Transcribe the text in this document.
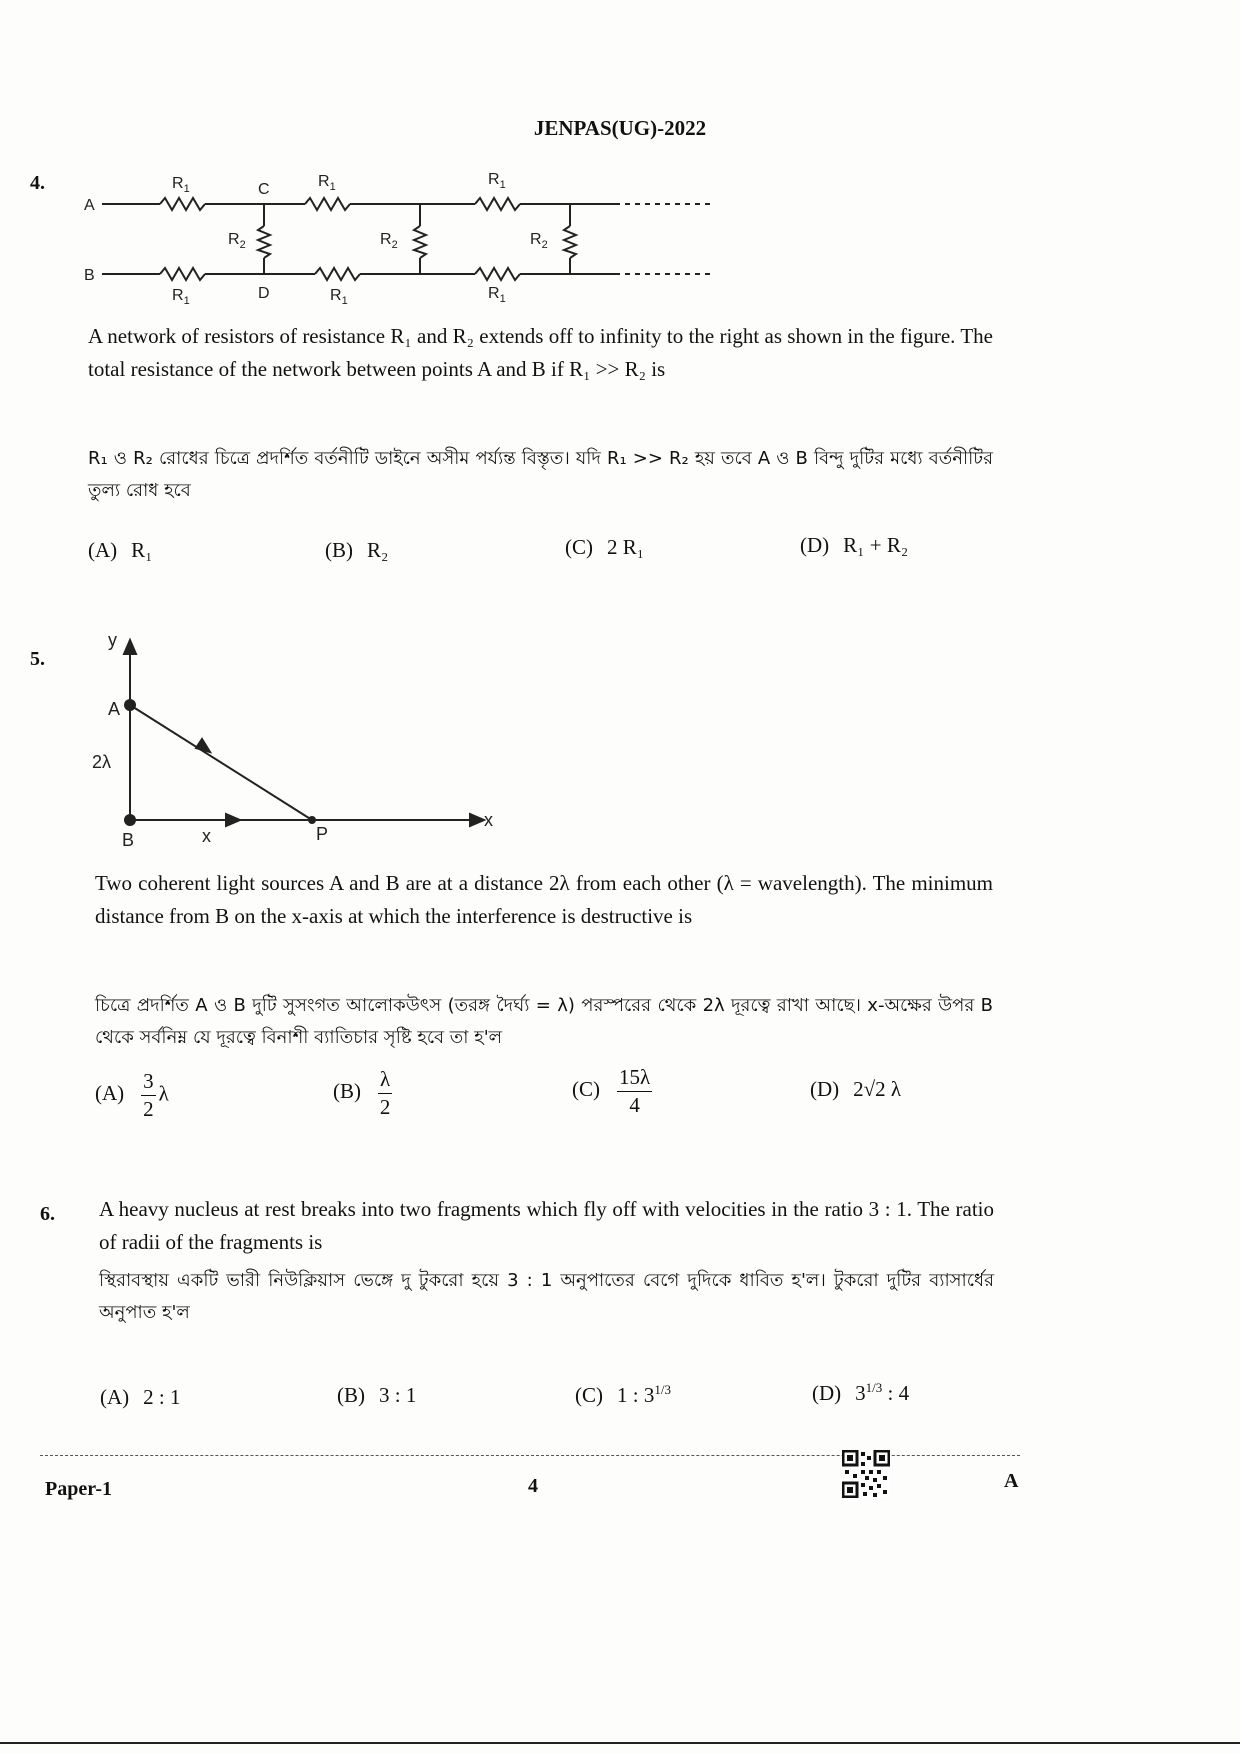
JENPAS(UG)-2022
4.
A
B
C
D
$R_1$	$R_1$	$R_1$
$R_1$	$R_1$	$R_1$
$R_2$	$R_2$	$R_2$
A network of resistors of resistance R₁ and R₂ extends off to infinity to the right as shown in the figure. The total resistance of the network between points A and B if R₁ >> R₂ is
R₁ ও R₂ রোধের চিত্রে প্রদর্শিত বর্তনীটি ডাইনে অসীম পর্য্যন্ত বিস্তৃত। যদি R₁ >> R₂ হয় তবে A ও B বিন্দু দুটির মধ্যে বর্তনীটির তুল্য রোধ হবে
(A) R₁	(B) R₂	(C) 2 R₁	(D) R₁ + R₂
5.
y
x
A
B	P
2λ
x
Two coherent light sources A and B are at a distance 2λ from each other (λ = wavelength). The minimum distance from B on the x-axis at which the interference is destructive is
চিত্রে প্রদর্শিত A ও B দুটি সুসংগত আলোকউৎস (তরঙ্গ দৈর্ঘ্য = λ) পরস্পরের থেকে 2λ দূরত্বে রাখা আছে। x-অক্ষের উপর B থেকে সর্বনিম্ন যে দূরত্বে বিনাশী ব্যাতিচার সৃষ্টি হবে তা হ'ল
$(A) \frac{3}{2}$ λ	$(B) \frac{\lambda}{2}$	$(C) \frac{15\lambda}{4}$	(D) 2√2 λ
6. A heavy nucleus at rest breaks into two fragments which fly off with velocities in the ratio 3 : 1. The ratio of radii of the fragments is
স্থিরাবস্থায় একটি ভারী নিউক্লিয়াস ভেঙ্গে দু টুকরো হয়ে 3 : 1 অনুপাতের বেগে দুদিকে ধাবিত হ'ল। টুকরো দুটির ব্যাসার্ধের অনুপাত হ'ল
(A) 2 : 1	(B) 3 : 1	(C) 1 : $3^{1/3}$	(D) $3^{1/3}$ : 4
Paper-1	4	A
